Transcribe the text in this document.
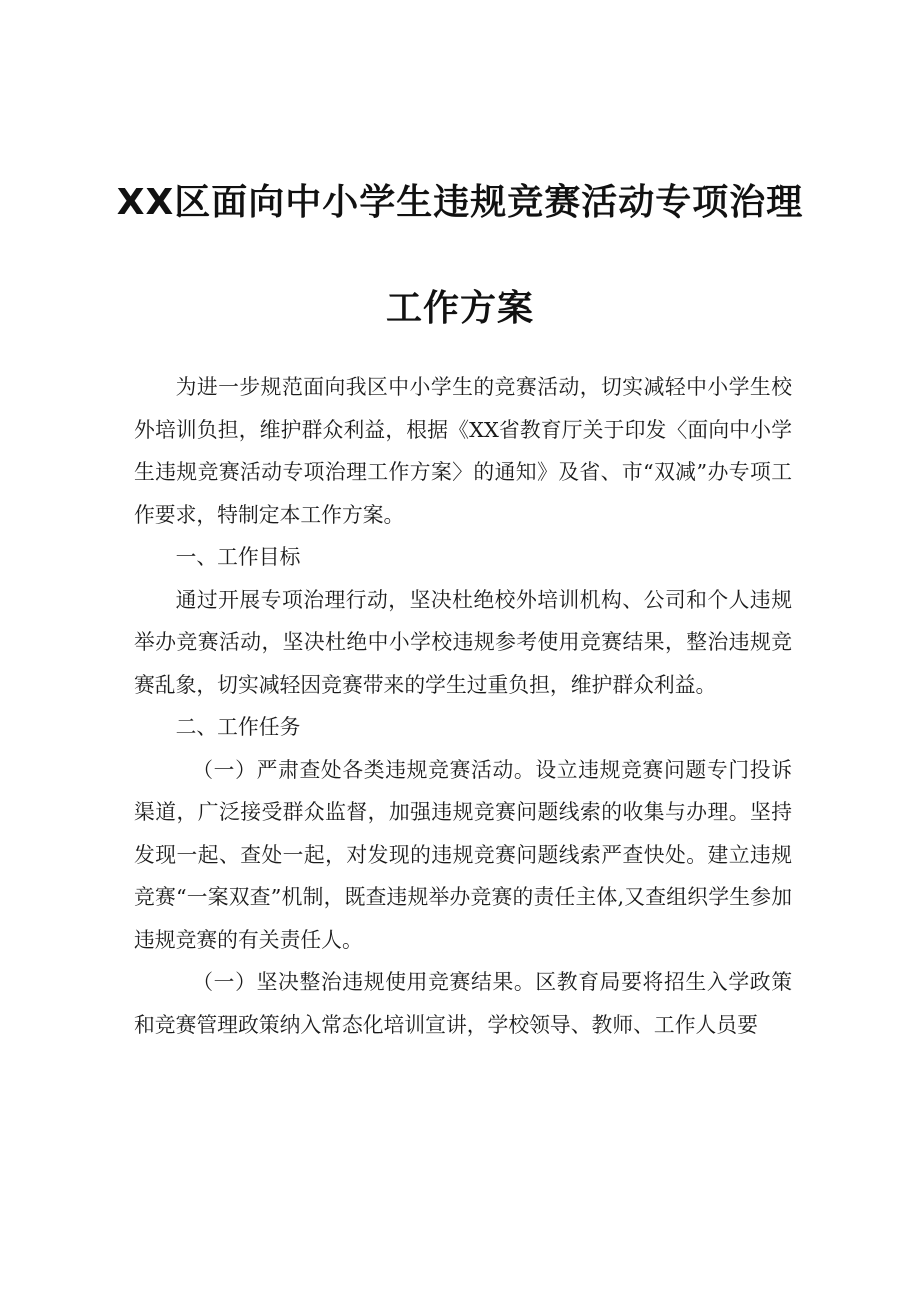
XX区面向中小学生违规竞赛活动专项治理
工作方案

为进一步规范面向我区中小学生的竞赛活动，切实减轻中小学生校外培训负担，维护群众利益，根据《XX省教育厅关于印发〈面向中小学生违规竞赛活动专项治理工作方案〉的通知》及省、市“双减”办专项工作要求，特制定本工作方案。

一、工作目标

通过开展专项治理行动，坚决杜绝校外培训机构、公司和个人违规举办竞赛活动，坚决杜绝中小学校违规参考使用竞赛结果，整治违规竞赛乱象，切实减轻因竞赛带来的学生过重负担，维护群众利益。

二、工作任务

（一）严肃查处各类违规竞赛活动。设立违规竞赛问题专门投诉渠道，广泛接受群众监督，加强违规竞赛问题线索的收集与办理。坚持发现一起、查处一起，对发现的违规竞赛问题线索严查快处。建立违规竞赛“一案双查”机制，既查违规举办竞赛的责任主体,又查组织学生参加违规竞赛的有关责任人。

（一）坚决整治违规使用竞赛结果。区教育局要将招生入学政策和竞赛管理政策纳入常态化培训宣讲，学校领导、教师、工作人员要
